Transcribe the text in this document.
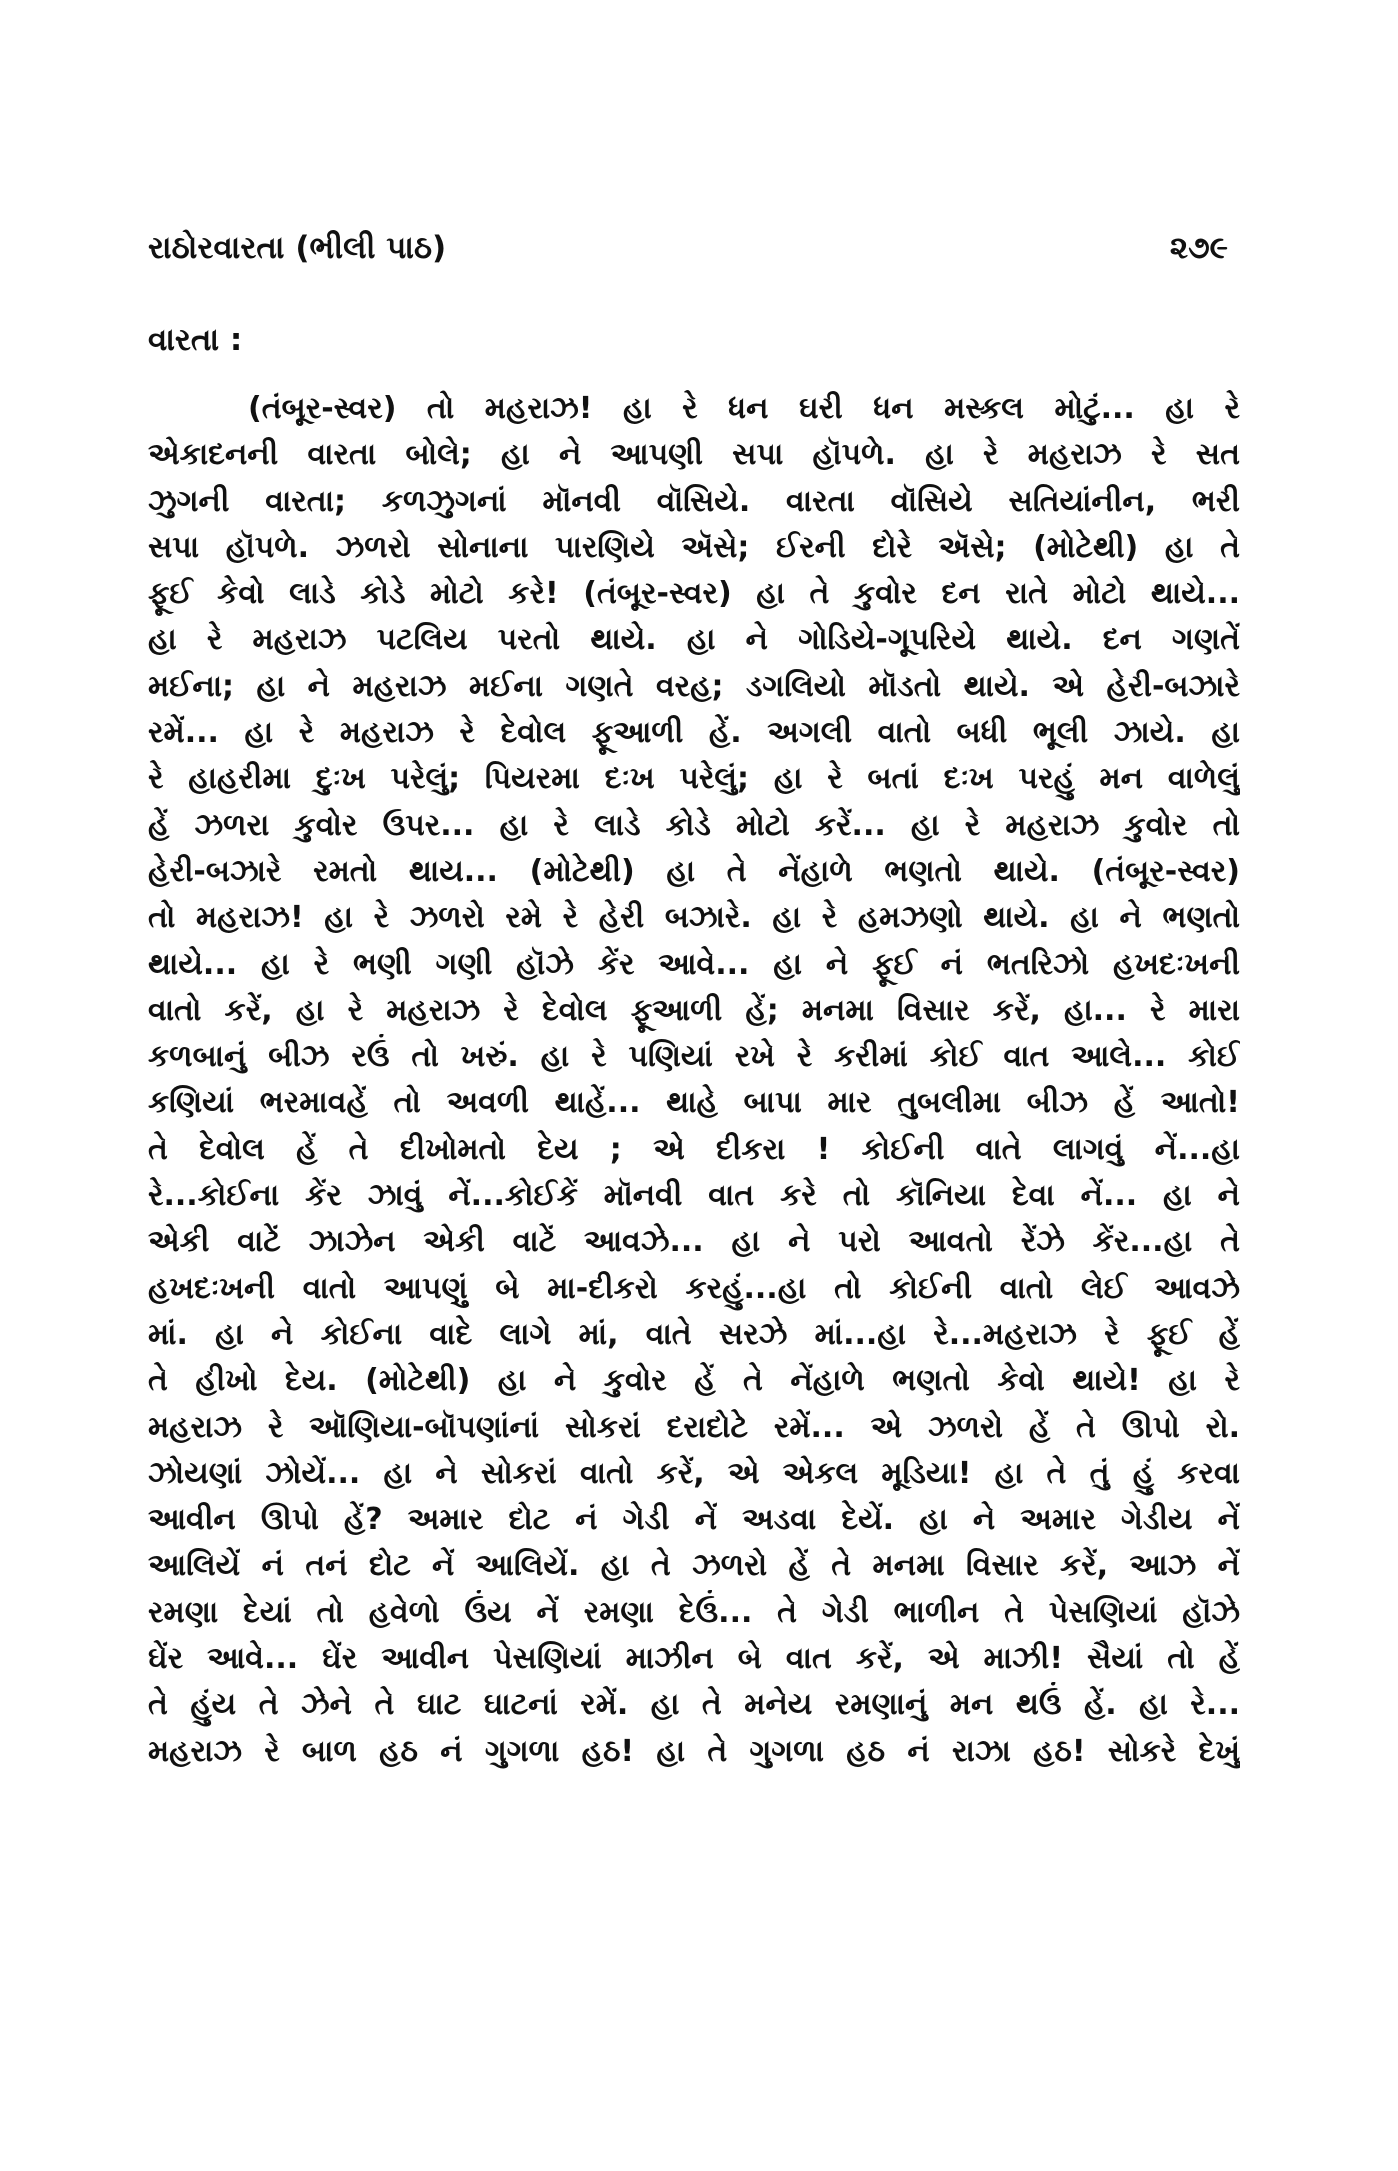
રાઠોરવારતા (ભીલી પાઠ)	૨૭૯
વારતા :
(તંબૂર-સ્વર) તો મહરાઝ! હા રે ધન ઘરી ધન મસ્કલ મોટું... હા રે
એકાદનની વારતા બોલે; હા ને આપણી સપા હૉપળે. હા રે મહરાઝ રે સત
ઝુગની વારતા; કળઝુગનાં મૉનવી વૉસિયે. વારતા વૉસિયે સતિયાંનીન, ભરી
સપા હૉપળે. ઝળરો સોનાના પારણિયે ઍસે; ઈરની દોરે ઍસે; (મોટેથી) હા તે
ફૂઈ કેવો લાડે કોડે મોટો કરે! (તંબૂર-સ્વર) હા તે કુવોર દન રાતે મોટો થાયે...
હા રે મહરાઝ પટલિય પરતો થાયે. હા ને ગોડિયે-ગૂપરિયે થાયે. દન ગણતેં
મઈના; હા ને મહરાઝ મઈના ગણતે વરહ; ડગલિયો મૉડતો થાયે. એ હેરી-બઝારે
રમેં... હા રે મહરાઝ રે દેવોલ ફૂઆળી હેં. અગલી વાતો બધી ભૂલી ઝાયે. હા
રે હાહરીમા દુઃખ પરેલું; પિયરમા દઃખ પરેલું; હા રે બતાં દઃખ પરહું મન વાળેલું
હેં ઝળરા કુવોર ઉપર... હા રે લાડે કોડે મોટો કરેં... હા રે મહરાઝ કુવોર તો
હેરી-બઝારે રમતો થાય... (મોટેથી) હા તે નેંહાળે ભણતો થાયે. (તંબૂર-સ્વર)
તો મહરાઝ! હા રે ઝળરો રમે રે હેરી બઝારે. હા રે હમઝણો થાયે. હા ને ભણતો
થાયે... હા રે ભણી ગણી હૉઝે કેંર આવે... હા ને ફૂઈ નં ભતરિઝો હખદઃખની
વાતો કરેં, હા રે મહરાઝ રે દેવોલ ફૂઆળી હેં; મનમા વિસાર કરેં, હા... રે મારા
કળબાનું બીઝ રઉં તો ખરું. હા રે પણિયાં રખે રે કરીમાં કોઈ વાત આલે... કોઈ
કણિયાં ભરમાવહેં તો અવળી થાહેં... થાહે બાપા માર તુબલીમા બીઝ હેં આતો!
તે દેવોલ હેં તે દીખોમતો દેય ; એ દીકરા ! કોઈની વાતે લાગવું નેં...હા
રે...કોઈના કેંર ઝાવું નેં...કોઈકેં મૉનવી વાત કરે તો કૉનિયા દેવા નેં... હા ને
એકી વાટેં ઝાઝેન એકી વાટેં આવઝે... હા ને પરો આવતો રેંઝે કેંર...હા તે
હખદઃખની વાતો આપણું બે મા-દીકરો કરહું...હા તો કોઈની વાતો લેઈ આવઝે
માં. હા ને કોઈના વાદે લાગે માં, વાતે સરઝે માં...હા રે...મહરાઝ રે ફૂઈ હેં
તે હીખો દેય. (મોટેથી) હા ને કુવોર હેં તે નેંહાળે ભણતો કેવો થાયે! હા રે
મહરાઝ રે ઑણિયા-બૉપણાંનાં સોકરાં દરાદોટે રમેં... એ ઝળરો હેં તે ઊપો રો.
ઝોયણાં ઝોયેં... હા ને સોકરાં વાતો કરેં, એ એકલ મૂડિયા! હા તે તું હું કરવા
આવીન ઊપો હેં? અમાર દોટ નં ગેડી નેં અડવા દેયેં. હા ને અમાર ગેડીય નેં
આલિયેં નં તનં દોટ નેં આલિયેં. હા તે ઝળરો હેં તે મનમા વિસાર કરેં, આઝ નેં
રમણા દેયાં તો હવેળો ઉંય નેં રમણા દેઉં... તે ગેડી ભાળીન તે પેસણિયાં હૉઝે
ઘેંર આવે... ઘેંર આવીન પેસણિયાં માઝીન બે વાત કરેં, એ માઝી! સૈયાં તો હેં
તે હુંય તે ઝેને તે ઘાટ ઘાટનાં રમેં. હા તે મનેય રમણાનું મન થઉં હેં. હા રે...
મહરાઝ રે બાળ હઠ નં ગુગળા હઠ! હા તે ગુગળા હઠ નં રાઝા હઠ! સોકરે દેખું
